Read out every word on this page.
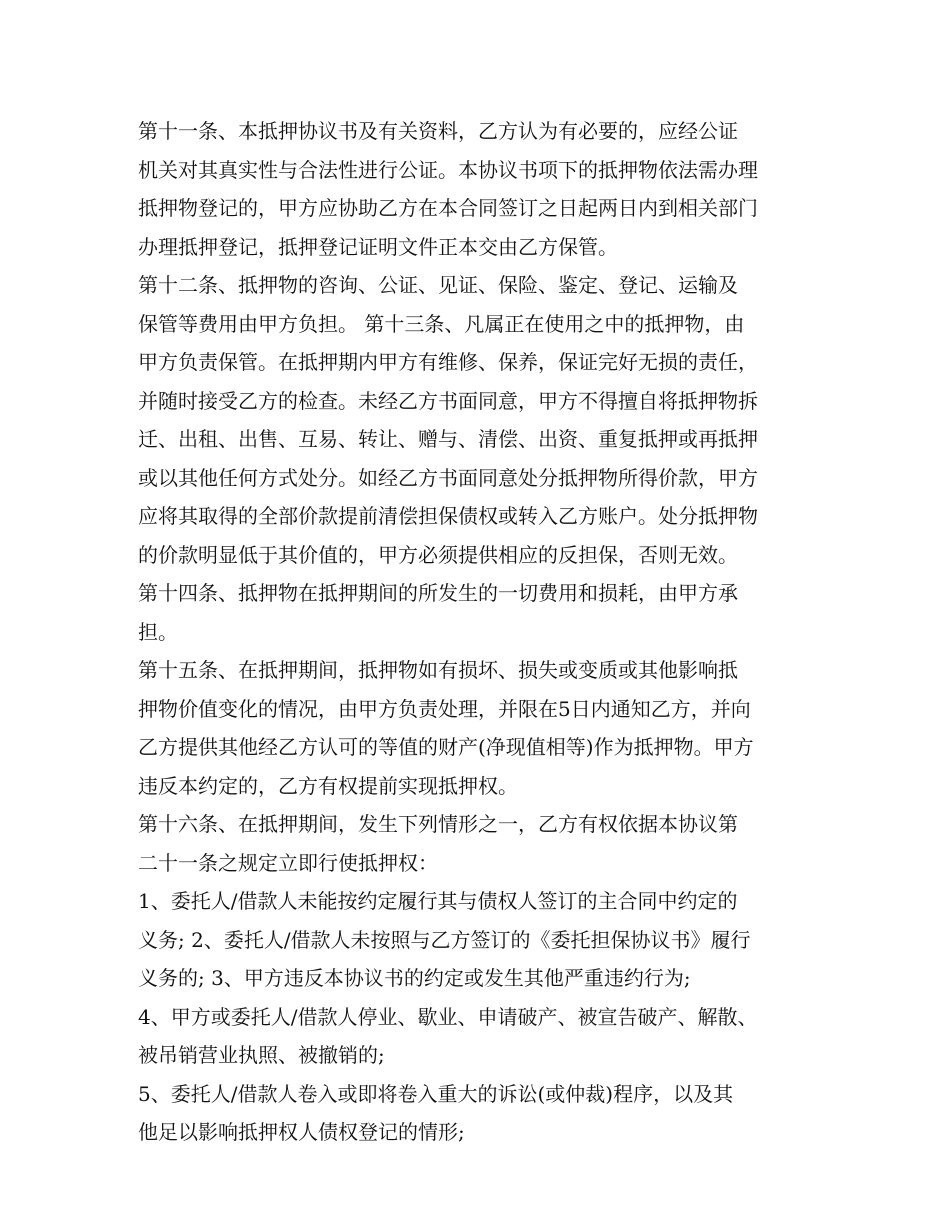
第十一条、本抵押协议书及有关资料，乙方认为有必要的，应经公证
机关对其真实性与合法性进行公证。本协议书项下的抵押物依法需办理
抵押物登记的，甲方应协助乙方在本合同签订之日起两日内到相关部门
办理抵押登记，抵押登记证明文件正本交由乙方保管。
第十二条、抵押物的咨询、公证、见证、保险、鉴定、登记、运输及
保管等费用由甲方负担。 第十三条、凡属正在使用之中的抵押物，由
甲方负责保管。在抵押期内甲方有维修、保养，保证完好无损的责任，
并随时接受乙方的检查。未经乙方书面同意，甲方不得擅自将抵押物拆
迁、出租、出售、互易、转让、赠与、清偿、出资、重复抵押或再抵押
或以其他任何方式处分。如经乙方书面同意处分抵押物所得价款，甲方
应将其取得的全部价款提前清偿担保债权或转入乙方账户。处分抵押物
的价款明显低于其价值的，甲方必须提供相应的反担保，否则无效。
第十四条、抵押物在抵押期间的所发生的一切费用和损耗，由甲方承
担。
第十五条、在抵押期间，抵押物如有损坏、损失或变质或其他影响抵
押物价值变化的情况，由甲方负责处理，并限在5日内通知乙方，并向
乙方提供其他经乙方认可的等值的财产(净现值相等)作为抵押物。甲方
违反本约定的，乙方有权提前实现抵押权。
第十六条、在抵押期间，发生下列情形之一，乙方有权依据本协议第
二十一条之规定立即行使抵押权：
1、委托人/借款人未能按约定履行其与债权人签订的主合同中约定的
义务; 2、委托人/借款人未按照与乙方签订的《委托担保协议书》履行
义务的; 3、甲方违反本协议书的约定或发生其他严重违约行为;
4、甲方或委托人/借款人停业、歇业、申请破产、被宣告破产、解散、
被吊销营业执照、被撤销的;
5、委托人/借款人卷入或即将卷入重大的诉讼(或仲裁)程序，以及其
他足以影响抵押权人债权登记的情形;
